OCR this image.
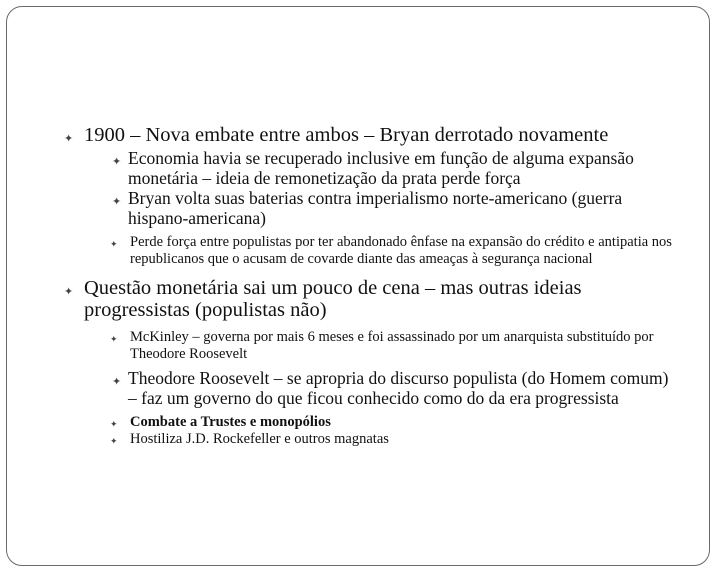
✦ 1900 – Nova embate entre ambos – Bryan derrotado novamente
✦ Economia havia se recuperado inclusive em função de alguma expansão monetária – ideia de remonetização da prata perde força
✦ Bryan volta suas baterias contra imperialismo norte-americano (guerra hispano-americana)
✦ Perde força entre populistas por ter abandonado ênfase na expansão do crédito e antipatia nos republicanos que o acusam de covarde diante das ameaças à segurança nacional
✦ Questão monetária sai um pouco de cena – mas outras ideias progressistas (populistas não)
✦ McKinley – governa por mais 6 meses e foi assassinado por um anarquista substituído por Theodore Roosevelt
✦ Theodore Roosevelt – se apropria do discurso populista (do Homem comum) – faz um governo do que ficou conhecido como do da era progressista
✦ Combate a Trustes e monopólios
✦ Hostiliza J.D. Rockefeller e outros magnatas
